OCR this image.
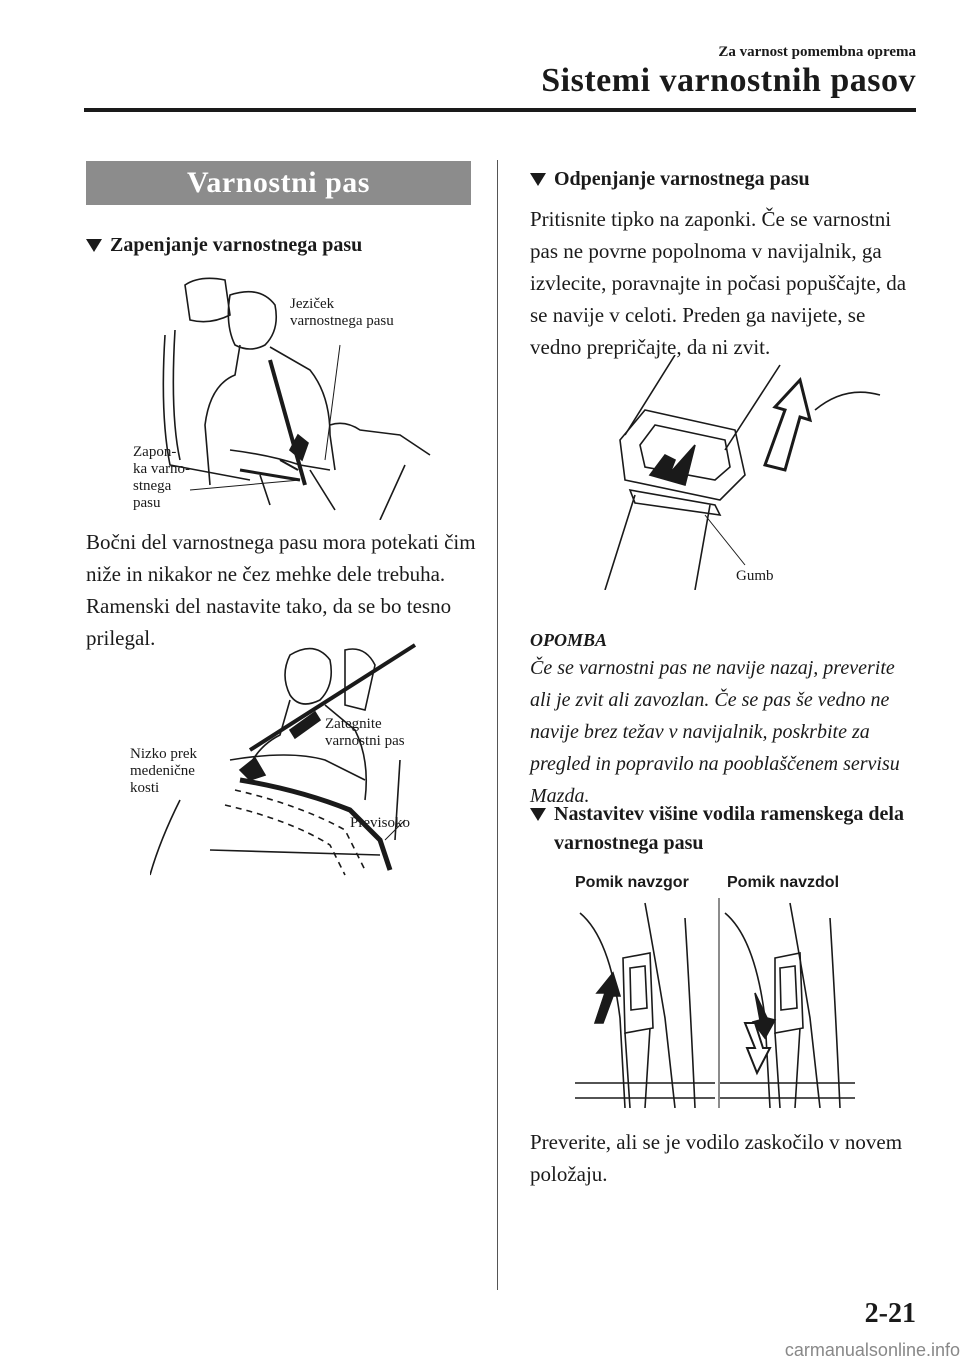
Za varnost pomembna oprema
Sistemi varnostnih pasov
Varnostni pas
Zapenjanje varnostnega pasu
Jeziček
varnostnega pasu
Zapon-
ka varno-
stnega
pasu
Bočni del varnostnega pasu mora potekati čim niže in nikakor ne čez mehke dele trebuha. Ramenski del nastavite tako, da se bo tesno prilegal.
Zategnite
varnostni pas
Nizko prek
medenične
kosti
Previsoko
Odpenjanje varnostnega pasu
Pritisnite tipko na zaponki. Če se varnostni pas ne povrne popolnoma v navijalnik, ga izvlecite, poravnajte in počasi popuščajte, da se navije v celoti. Preden ga navijete, se vedno prepričajte, da ni zvit.
Gumb
OPOMBA
Če se varnostni pas ne navije nazaj, preverite ali je zvit ali zavozlan. Če se pas še vedno ne navije brez težav v navijalnik, poskrbite za pregled in popravilo na pooblaščenem servisu Mazda.
Nastavitev višine vodila ramenskega dela varnostnega pasu
Pomik navzgor Pomik navzdol
Preverite, ali se je vodilo zaskočilo v novem položaju.
2-21
carmanualsonline.info
